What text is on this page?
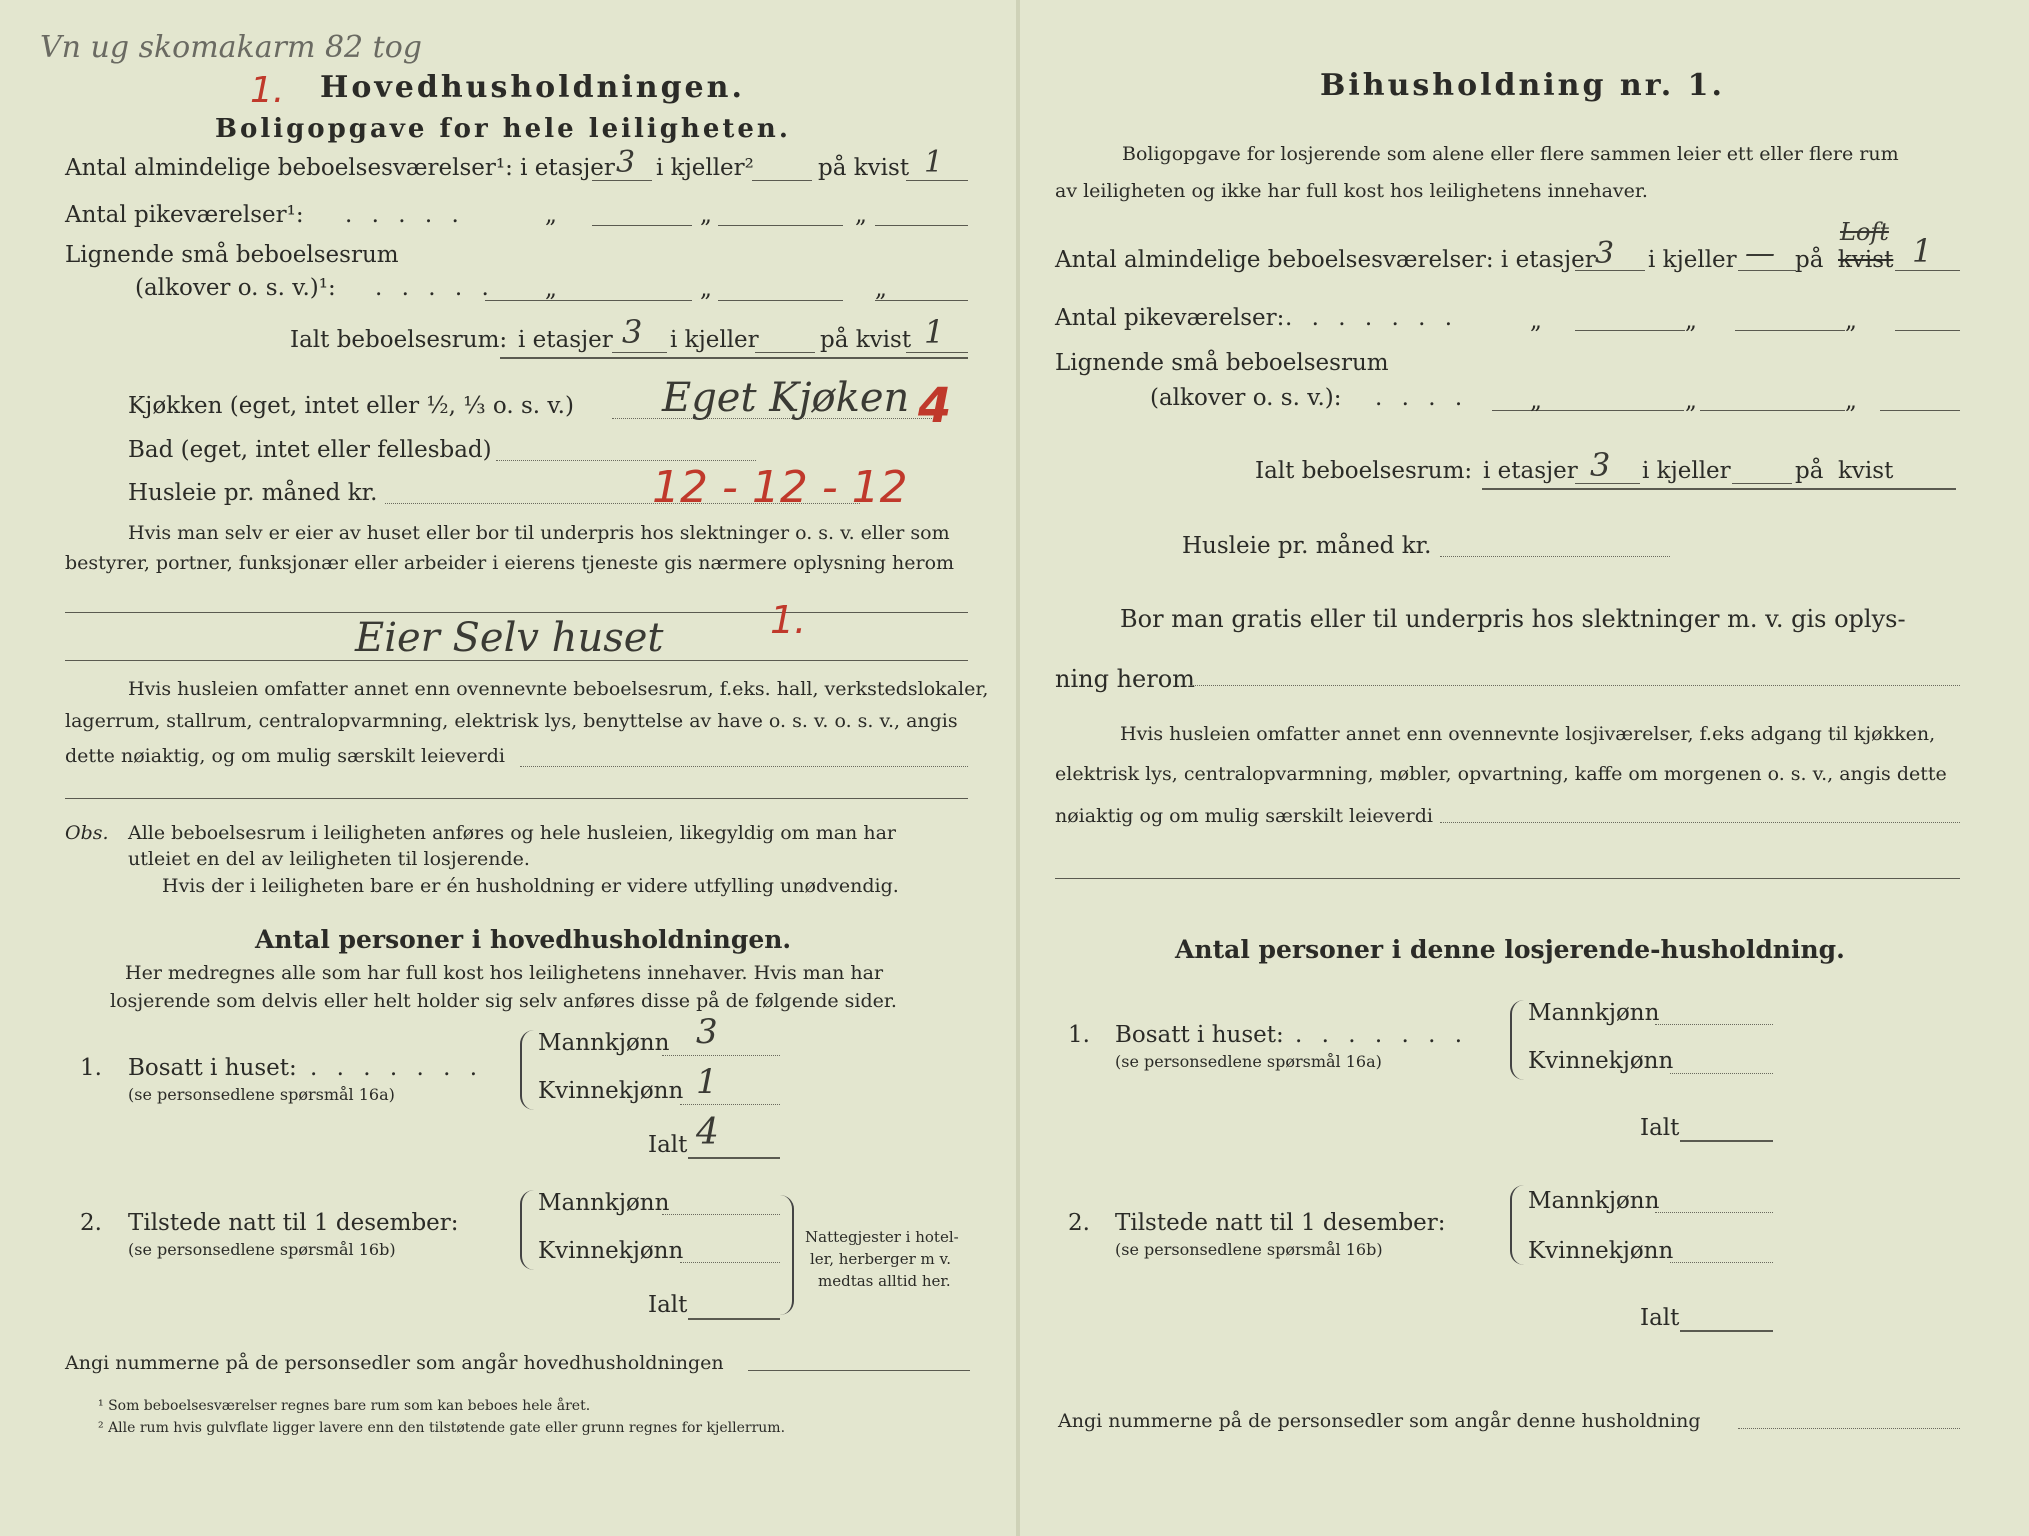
Vn ug skomakarm 82 tog
1. Hovedhusholdningen.
Boligopgave for hele leiligheten.
Antal almindelige beboelsesværelser¹: i etasjer 3 i kjeller²	på kvist 1
Antal pikeværelser¹: . . . . .	„	„	„
Lignende små beboelsesrum
(alkover o. s. v.)¹: . . . . . „	„	„
Ialt beboelsesrum: i etasjer 3 i kjeller	på kvist 1
Kjøkken (eget, intet eller ½, ⅓ o. s. v.) Eget Kjøken 4
Bad (eget, intet eller fellesbad)
Husleie pr. måned kr.	12 - 12 - 12
Hvis man selv er eier av huset eller bor til underpris hos slektninger o. s. v. eller som
bestyrer, portner, funksjonær eller arbeider i eierens tjeneste gis nærmere oplysning herom
Eier Selv huset	1.
Hvis husleien omfatter annet enn ovennevnte beboelsesrum, f.eks. hall, verkstedslokaler,
lagerrum, stallrum, centralopvarmning, elektrisk lys, benyttelse av have o. s. v. o. s. v., angis
dette nøiaktig, og om mulig særskilt leieverdi
Obs. Alle beboelsesrum i leiligheten anføres og hele husleien, likegyldig om man har
utleiet en del av leiligheten til losjerende.
Hvis der i leiligheten bare er én husholdning er videre utfylling unødvendig.
Antal personer i hovedhusholdningen.
Her medregnes alle som har full kost hos leilighetens innehaver. Hvis man har
losjerende som delvis eller helt holder sig selv anføres disse på de følgende sider.
1. Bosatt i huset: . . . . . . .
(se personsedlene spørsmål 16a)
Mannkjønn 3
Kvinnekjønn 1
Ialt 4
2. Tilstede natt til 1 desember:
(se personsedlene spørsmål 16b)
Mannkjønn
Kvinnekjønn
Ialt
Nattegjester i hotel-
ler, herberger m v.
medtas alltid her.
Angi nummerne på de personsedler som angår hovedhusholdningen
¹ Som beboelsesværelser regnes bare rum som kan beboes hele året.
² Alle rum hvis gulvflate ligger lavere enn den tilstøtende gate eller grunn regnes for kjellerrum.
Bihusholdning nr. 1.
Boligopgave for losjerende som alene eller flere sammen leier ett eller flere rum
av leiligheten og ikke har full kost hos leilighetens innehaver.
Antal almindelige beboelsesværelser: i etasjer 3 i kjeller — på kvist
Loft 1
Antal pikeværelser: . . . . . . .	„	„	„
Lignende små beboelsesrum
(alkover o. s. v.): . . . .	„	„	„
Ialt beboelsesrum: i etasjer 3 i kjeller	på kvist
Husleie pr. måned kr.
Bor man gratis eller til underpris hos slektninger m. v. gis oplys-
ning herom
Hvis husleien omfatter annet enn ovennevnte losjiværelser, f.eks adgang til kjøkken,
elektrisk lys, centralopvarmning, møbler, opvartning, kaffe om morgenen o. s. v., angis dette
nøiaktig og om mulig særskilt leieverdi
Antal personer i denne losjerende-husholdning.
1. Bosatt i huset: . . . . . . .
(se personsedlene spørsmål 16a)
Mannkjønn
Kvinnekjønn
Ialt
2. Tilstede natt til 1 desember:
(se personsedlene spørsmål 16b)
Mannkjønn
Kvinnekjønn
Ialt
Angi nummerne på de personsedler som angår denne husholdning
